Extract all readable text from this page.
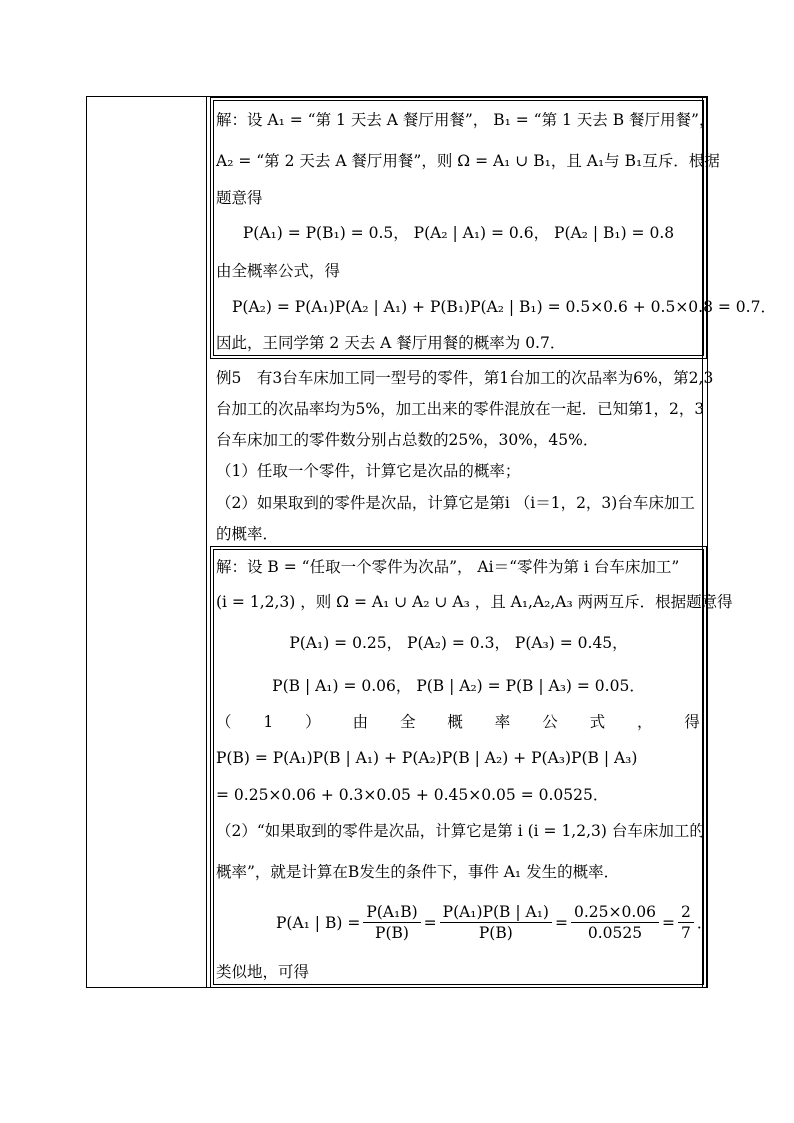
解：设 A₁ = “第 1 天去 A 餐厅用餐”， B₁ = “第 1 天去 B 餐厅用餐”，
A₂ = “第 2 天去 A 餐厅用餐”，则 Ω = A₁ ∪ B₁，且 A₁与 B₁互斥．根据
题意得
P(A₁) = P(B₁) = 0.5， P(A₂ | A₁) = 0.6， P(A₂ | B₁) = 0.8
由全概率公式，得
P(A₂) = P(A₁)P(A₂ | A₁) + P(B₁)P(A₂ | B₁) = 0.5×0.6 + 0.5×0.8 = 0.7．
因此，王同学第 2 天去 A 餐厅用餐的概率为 0.7．
例5　有3台车床加工同一型号的零件，第1台加工的次品率为6%，第2,3
台加工的次品率均为5%，加工出来的零件混放在一起．已知第1，2，3
台车床加工的零件数分别占总数的25%，30%，45%．
（1）任取一个零件，计算它是次品的概率；
（2）如果取到的零件是次品，计算它是第i （i＝1，2，3)台车床加工
的概率．
解：设 B = “任取一个零件为次品”， Ai＝“零件为第 i 台车床加工”
(i = 1,2,3) ，则 Ω = A₁ ∪ A₂ ∪ A₃ ，且 A₁,A₂,A₃ 两两互斥．根据题意得
P(A₁) = 0.25， P(A₂) = 0.3， P(A₃) = 0.45，
P(B | A₁) = 0.06， P(B | A₂) = P(B | A₃) = 0.05．
（ 1 ） 由 全 概 率 公 式 ， 得
P(B) = P(A₁)P(B | A₁) + P(A₂)P(B | A₂) + P(A₃)P(B | A₃)
= 0.25×0.06 + 0.3×0.05 + 0.45×0.05 = 0.0525．
（2）“如果取到的零件是次品，计算它是第 i (i = 1,2,3) 台车床加工的
概率”，就是计算在B发生的条件下，事件 A₁ 发生的概率．
P(A₁ | $B) = \frac{\text{P(A₁B)}}{P(B)} = \frac{\text{P(A₁)P(B | A₁)}}{P(B)} = \frac{0.25\times 0.06}{0.0525} = \frac{2}{7}$ ．
类似地，可得
